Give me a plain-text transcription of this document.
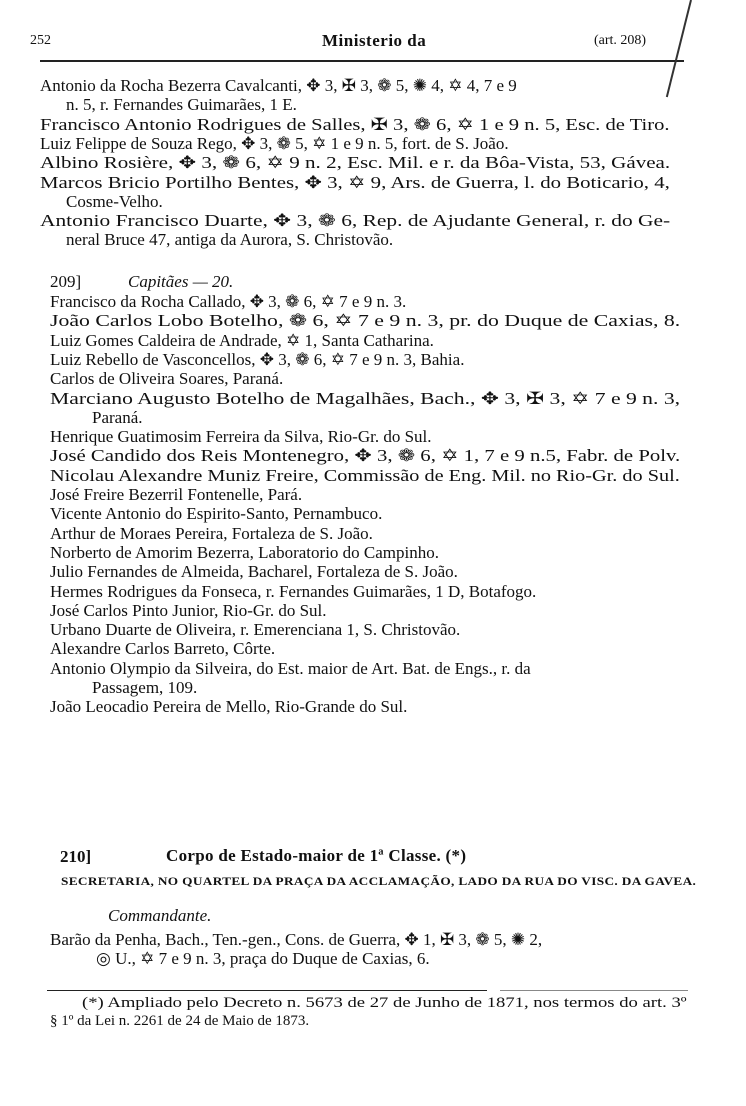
252	Ministerio da	(art. 208)
Antonio da Rocha Bezerra Cavalcanti, ✥ 3, ✠ 3, ❁ 5, ✺ 4, ✡ 4, 7 e 9
n. 5, r. Fernandes Guimarães, 1 E.
Francisco Antonio Rodrigues de Salles, ✠ 3, ❁ 6, ✡ 1 e 9 n. 5, Esc. de Tiro.
Luiz Felippe de Souza Rego, ✥ 3, ❁ 5, ✡ 1 e 9 n. 5, fort. de S. João.
Albino Rosière, ✥ 3, ❁ 6, ✡ 9 n. 2, Esc. Mil. e r. da Bôa-Vista, 53, Gávea.
Marcos Bricio Portilho Bentes, ✥ 3, ✡ 9, Ars. de Guerra, l. do Boticario, 4,
Cosme-Velho.
Antonio Francisco Duarte, ✥ 3, ❁ 6, Rep. de Ajudante General, r. do Ge-
neral Bruce 47, antiga da Aurora, S. Christovão.
209]	Capitães — 20.
Francisco da Rocha Callado, ✥ 3, ❁ 6, ✡ 7 e 9 n. 3.
João Carlos Lobo Botelho, ❁ 6, ✡ 7 e 9 n. 3, pr. do Duque de Caxias, 8.
Luiz Gomes Caldeira de Andrade, ✡ 1, Santa Catharina.
Luiz Rebello de Vasconcellos, ✥ 3, ❁ 6, ✡ 7 e 9 n. 3, Bahia.
Carlos de Oliveira Soares, Paraná.
Marciano Augusto Botelho de Magalhães, Bach., ✥ 3, ✠ 3, ✡ 7 e 9 n. 3,
Paraná.
Henrique Guatimosim Ferreira da Silva, Rio-Gr. do Sul.
José Candido dos Reis Montenegro, ✥ 3, ❁ 6, ✡ 1, 7 e 9 n.5, Fabr. de Polv.
Nicolau Alexandre Muniz Freire, Commissão de Eng. Mil. no Rio-Gr. do Sul.
José Freire Bezerril Fontenelle, Pará.
Vicente Antonio do Espirito-Santo, Pernambuco.
Arthur de Moraes Pereira, Fortaleza de S. João.
Norberto de Amorim Bezerra, Laboratorio do Campinho.
Julio Fernandes de Almeida, Bacharel, Fortaleza de S. João.
Hermes Rodrigues da Fonseca, r. Fernandes Guimarães, 1 D, Botafogo.
José Carlos Pinto Junior, Rio-Gr. do Sul.
Urbano Duarte de Oliveira, r. Emerenciana 1, S. Christovão.
Alexandre Carlos Barreto, Côrte.
Antonio Olympio da Silveira, do Est. maior de Art. Bat. de Engs., r. da
Passagem, 109.
João Leocadio Pereira de Mello, Rio-Grande do Sul.
210]	Corpo de Estado-maior de 1ª Classe. (*)
SECRETARIA, NO QUARTEL DA PRAÇA DA ACCLAMAÇÃO, LADO DA RUA DO VISC. DA GAVEA.
Commandante.
Barão da Penha, Bach., Ten.-gen., Cons. de Guerra, ✥ 1, ✠ 3, ❁ 5, ✺ 2,
◎ U., ✡ 7 e 9 n. 3, praça do Duque de Caxias, 6.
(*) Ampliado pelo Decreto n. 5673 de 27 de Junho de 1871, nos termos do art. 3º
§ 1º da Lei n. 2261 de 24 de Maio de 1873.
